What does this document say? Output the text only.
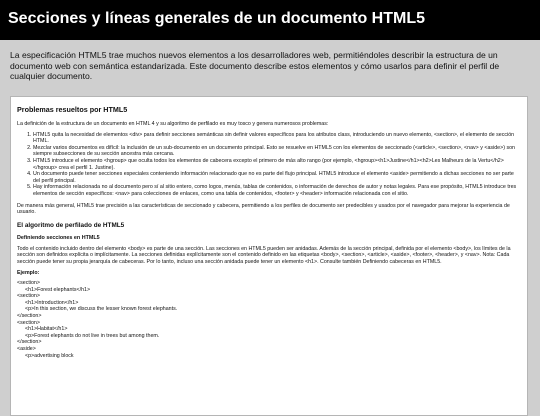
Secciones y líneas generales de un documento HTML5
La especificación HTML5 trae muchos nuevos elementos a los desarrolladores web, permitiéndoles describir la estructura de un documento web con semántica estandarizada. Este documento describe estos elementos y cómo usarlos para definir el perfil de cualquier documento.
Problemas resueltos por HTML5

La definición de la estructura de un documento en HTML 4 y su algoritmo de perfilado es muy tosco y genera numerosos problemas:

1. HTML5 quita la necesidad de elementos <div> para definir secciones semánticas sin definir valores específicos para los atributos class, introduciendo un nuevo elemento, <section>, el elemento de sección HTML.
2. Mezclar varios documentos es difícil: la inclusión de un sub-documento en un documento principal. Esto se resuelve en HTML5 con los elementos de seccionado (<article>, <section>, <nav> y <aside>) son siempre subsecciones de su sección ancestra más cercana.
3. HTML5 introduce el elemento <hgroup> que oculta todos los elementos de cabecera excepto el primero de más alto rango (por ejemplo, <hgroup><h1>Justine</h1><h2>Les Malheurs de la Vertu</h2></hgroup> crea el perfil 1. Justine).
4. Un documento puede tener secciones especiales conteniendo información relacionado que no es parte del flujo principal. HTML5 introduce el elemento <aside> permitiendo a dichas secciones no ser parte del perfil principal.
5. Hay información relacionada no al documento pero sí al sitio entero, como logos, menús, tablas de contenidos, o información de derechos de autor y notas legales. Para ese propósito, HTML5 introduce tres elementos de sección específicos: <nav> para colecciones de enlaces, como una tabla de contenidos, <footer> y <header> información relacionada con el sitio.

De manera más general, HTML5 trae precisión a las características de seccionado y cabecera, permitiendo a los perfiles de documento ser predecibles y usados por el navegador para mejorar la experiencia de usuario.

El algoritmo de perfilado de HTML5
Definiendo secciones en HTML5

Todo el contenido incluido dentro del elemento <body> es parte de una sección. Las secciones en HTML5 pueden ser anidadas. Además de la sección principal, definida por el elemento <body>, los límites de la sección son definidos explícita o implícitamente. La secciones definidas explícitamente son el contenido definido en las etiquetas <body>, <section>, <article>, <aside>, <footer>, <header>, y <nav>. Nota: Cada sección puede tener su propia jerarquía de cabeceras. Por lo tanto, incluso una sección anidada puede tener un elemento <h1>. Consulte también Definiendo cabeceras en HTML5.

Ejemplo:
<section>
<h1>Forest elephants</h1>
<section>
<h1>Introduction</h1>
<p>In this section, we discuss the lesser known forest elephants.
</section>
<section>
<h1>Habitat</h1>
<p>Forest elephants do not live in trees but among them.
</section>
<aside>
<p>advertising block
